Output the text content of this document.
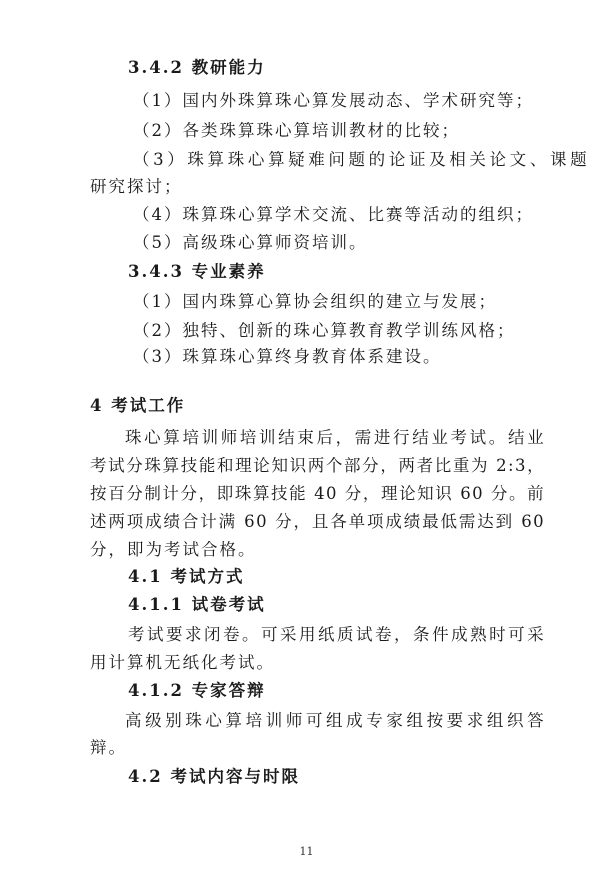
3.4.2 教研能力
（1）国内外珠算珠心算发展动态、学术研究等；
（2）各类珠算珠心算培训教材的比较；
（3）珠算珠心算疑难问题的论证及相关论文、课题
研究探讨；
（4）珠算珠心算学术交流、比赛等活动的组织；
（5）高级珠心算师资培训。
3.4.3 专业素养
（1）国内珠算心算协会组织的建立与发展；
（2）独特、创新的珠心算教育教学训练风格；
（3）珠算珠心算终身教育体系建设。
4 考试工作
珠心算培训师培训结束后，需进行结业考试。结业
考试分珠算技能和理论知识两个部分，两者比重为 2:3，
按百分制计分，即珠算技能 40 分，理论知识 60 分。前
述两项成绩合计满 60 分，且各单项成绩最低需达到 60
分，即为考试合格。
4.1 考试方式
4.1.1 试卷考试
考试要求闭卷。可采用纸质试卷，条件成熟时可采
用计算机无纸化考试。
4.1.2 专家答辩
高级别珠心算培训师可组成专家组按要求组织答
辩。
4.2 考试内容与时限
11
